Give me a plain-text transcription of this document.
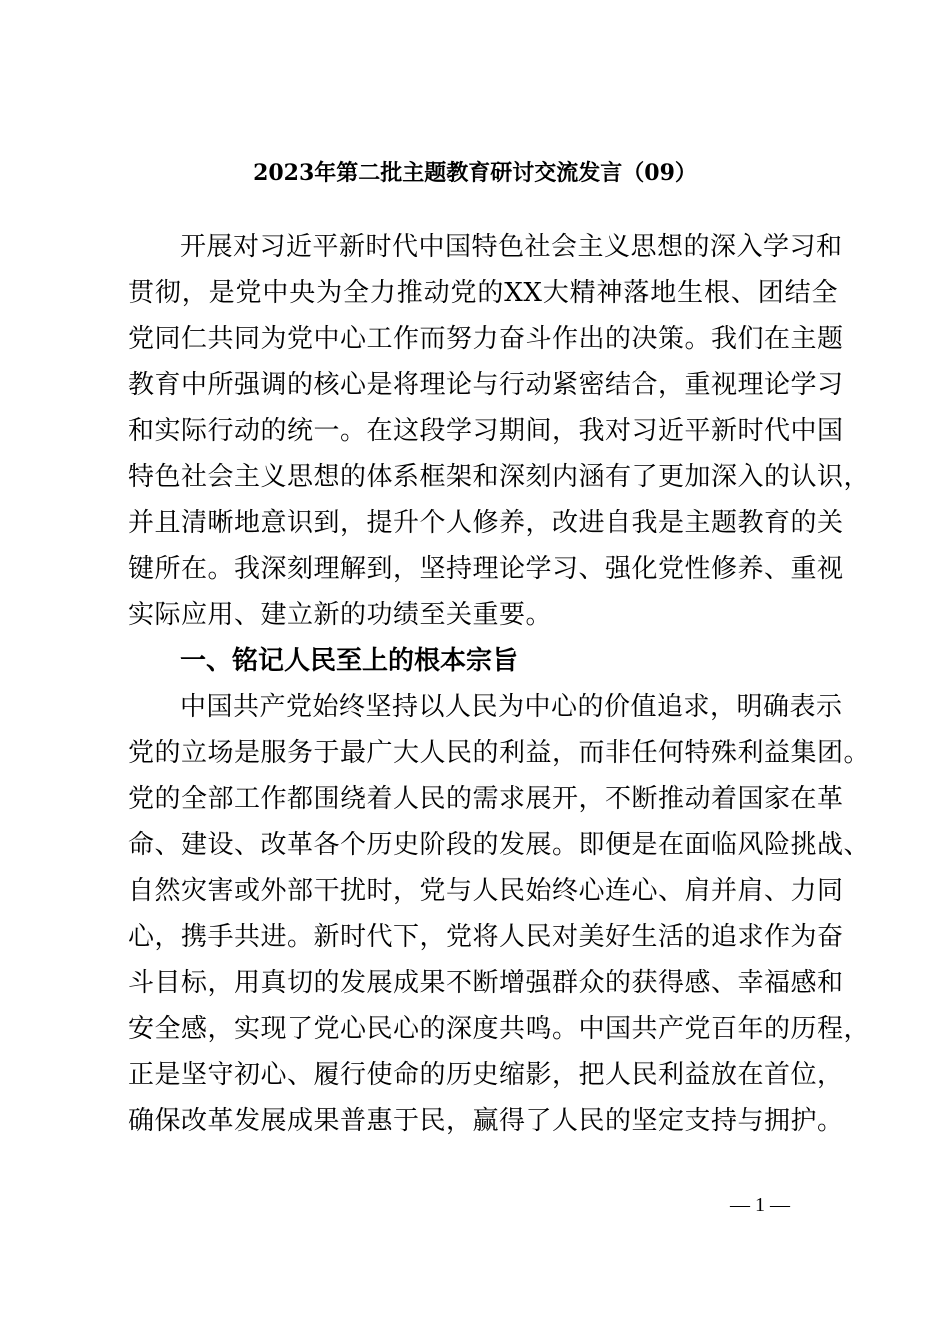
2023年第二批主题教育研讨交流发言（09）
开展对习近平新时代中国特色社会主义思想的深入学习和
贯彻，是党中央为全力推动党的XX大精神落地生根、团结全
党同仁共同为党中心工作而努力奋斗作出的决策。我们在主题
教育中所强调的核心是将理论与行动紧密结合，重视理论学习
和实际行动的统一。在这段学习期间，我对习近平新时代中国
特色社会主义思想的体系框架和深刻内涵有了更加深入的认识，
并且清晰地意识到，提升个人修养，改进自我是主题教育的关
键所在。我深刻理解到，坚持理论学习、强化党性修养、重视
实际应用、建立新的功绩至关重要。
一、铭记人民至上的根本宗旨
中国共产党始终坚持以人民为中心的价值追求，明确表示
党的立场是服务于最广大人民的利益，而非任何特殊利益集团。
党的全部工作都围绕着人民的需求展开，不断推动着国家在革
命、建设、改革各个历史阶段的发展。即便是在面临风险挑战、
自然灾害或外部干扰时，党与人民始终心连心、肩并肩、力同
心，携手共进。新时代下，党将人民对美好生活的追求作为奋
斗目标，用真切的发展成果不断增强群众的获得感、幸福感和
安全感，实现了党心民心的深度共鸣。中国共产党百年的历程，
正是坚守初心、履行使命的历史缩影，把人民利益放在首位，
确保改革发展成果普惠于民，赢得了人民的坚定支持与拥护。
— 1 —
